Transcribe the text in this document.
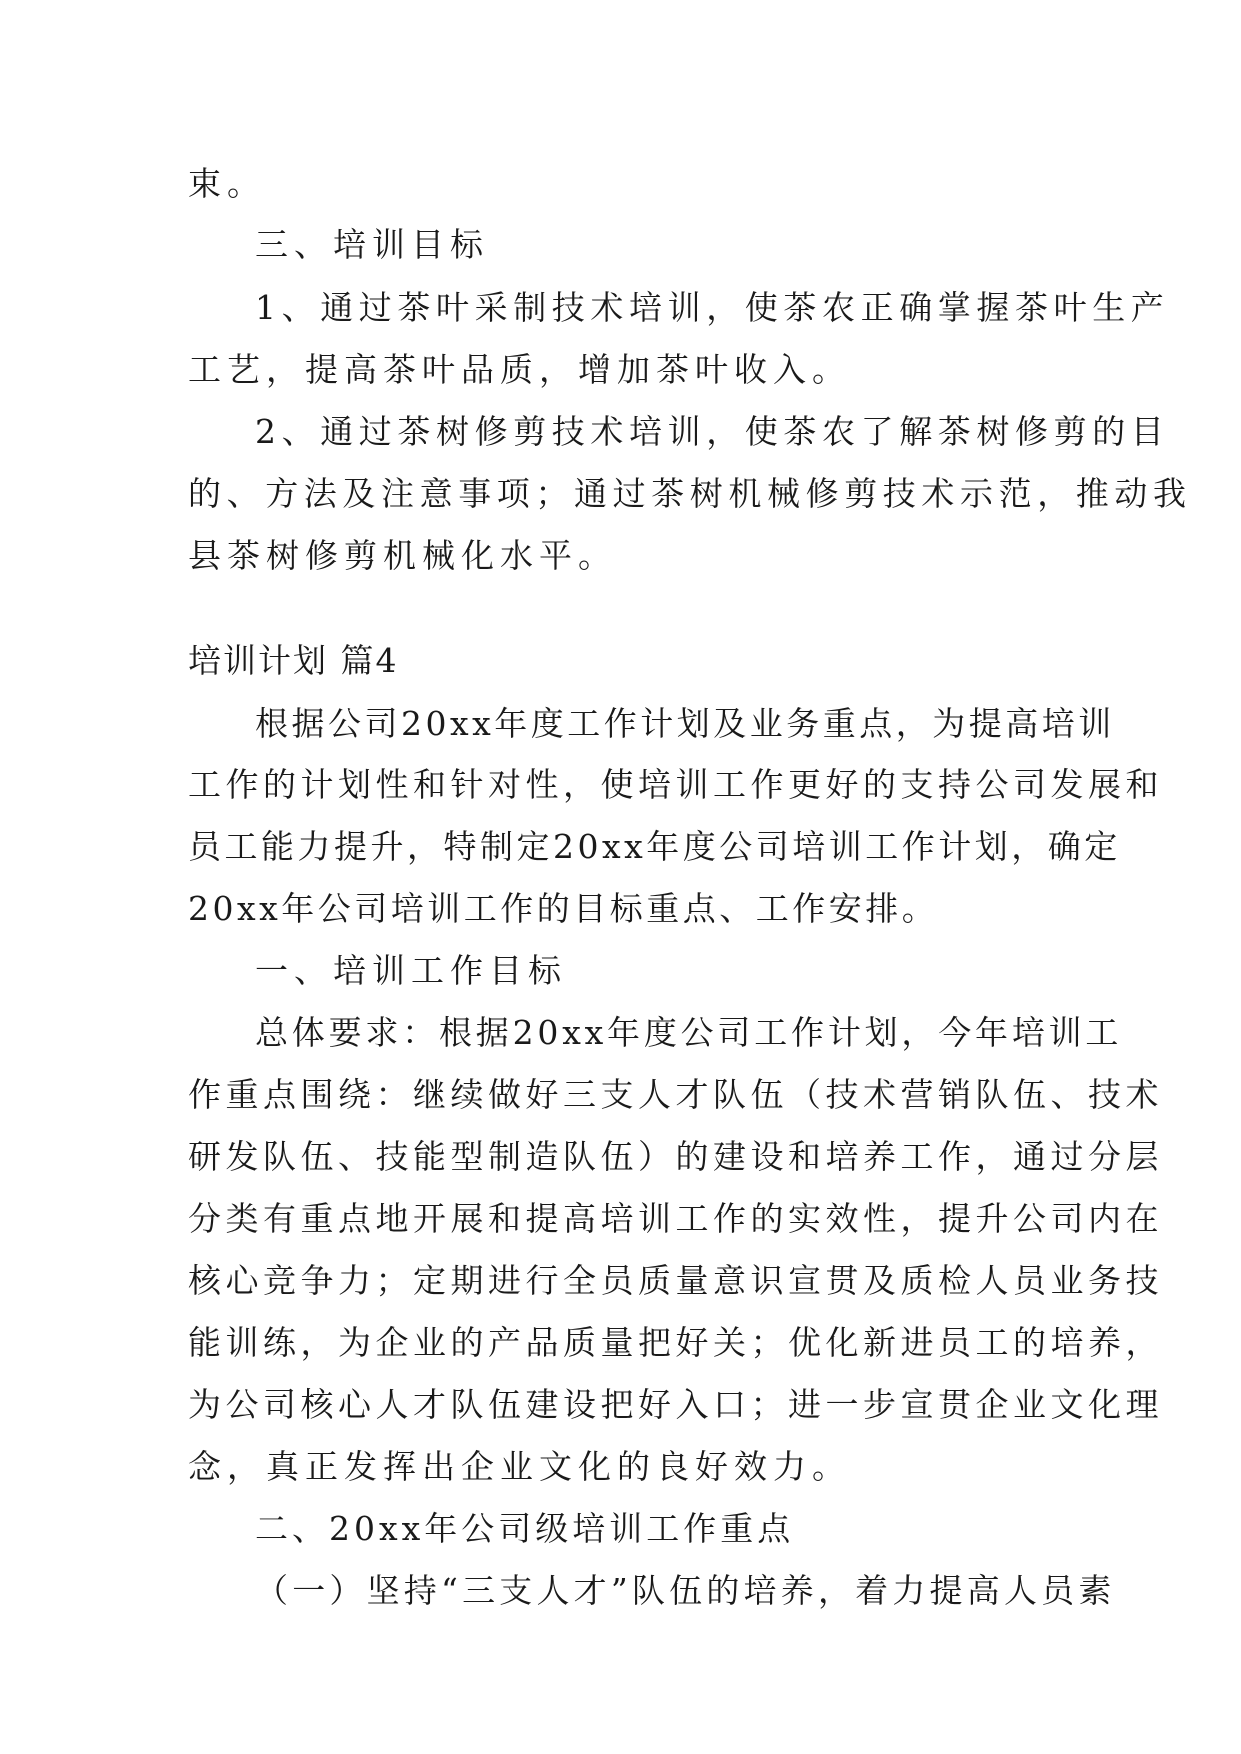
束。
三、培训目标
1、通过茶叶采制技术培训，使茶农正确掌握茶叶生产
工艺，提高茶叶品质，增加茶叶收入。
2、通过茶树修剪技术培训，使茶农了解茶树修剪的目
的、方法及注意事项；通过茶树机械修剪技术示范，推动我
县茶树修剪机械化水平。
培训计划 篇4
根据公司20xx年度工作计划及业务重点，为提高培训
工作的计划性和针对性，使培训工作更好的支持公司发展和
员工能力提升，特制定20xx年度公司培训工作计划，确定
20xx年公司培训工作的目标重点、工作安排。
一、培训工作目标
总体要求：根据20xx年度公司工作计划，今年培训工
作重点围绕：继续做好三支人才队伍（技术营销队伍、技术
研发队伍、技能型制造队伍）的建设和培养工作，通过分层
分类有重点地开展和提高培训工作的实效性，提升公司内在
核心竞争力；定期进行全员质量意识宣贯及质检人员业务技
能训练，为企业的产品质量把好关；优化新进员工的培养，
为公司核心人才队伍建设把好入口；进一步宣贯企业文化理
念，真正发挥出企业文化的良好效力。
二、20xx年公司级培训工作重点
（一）坚持“三支人才”队伍的培养，着力提高人员素
